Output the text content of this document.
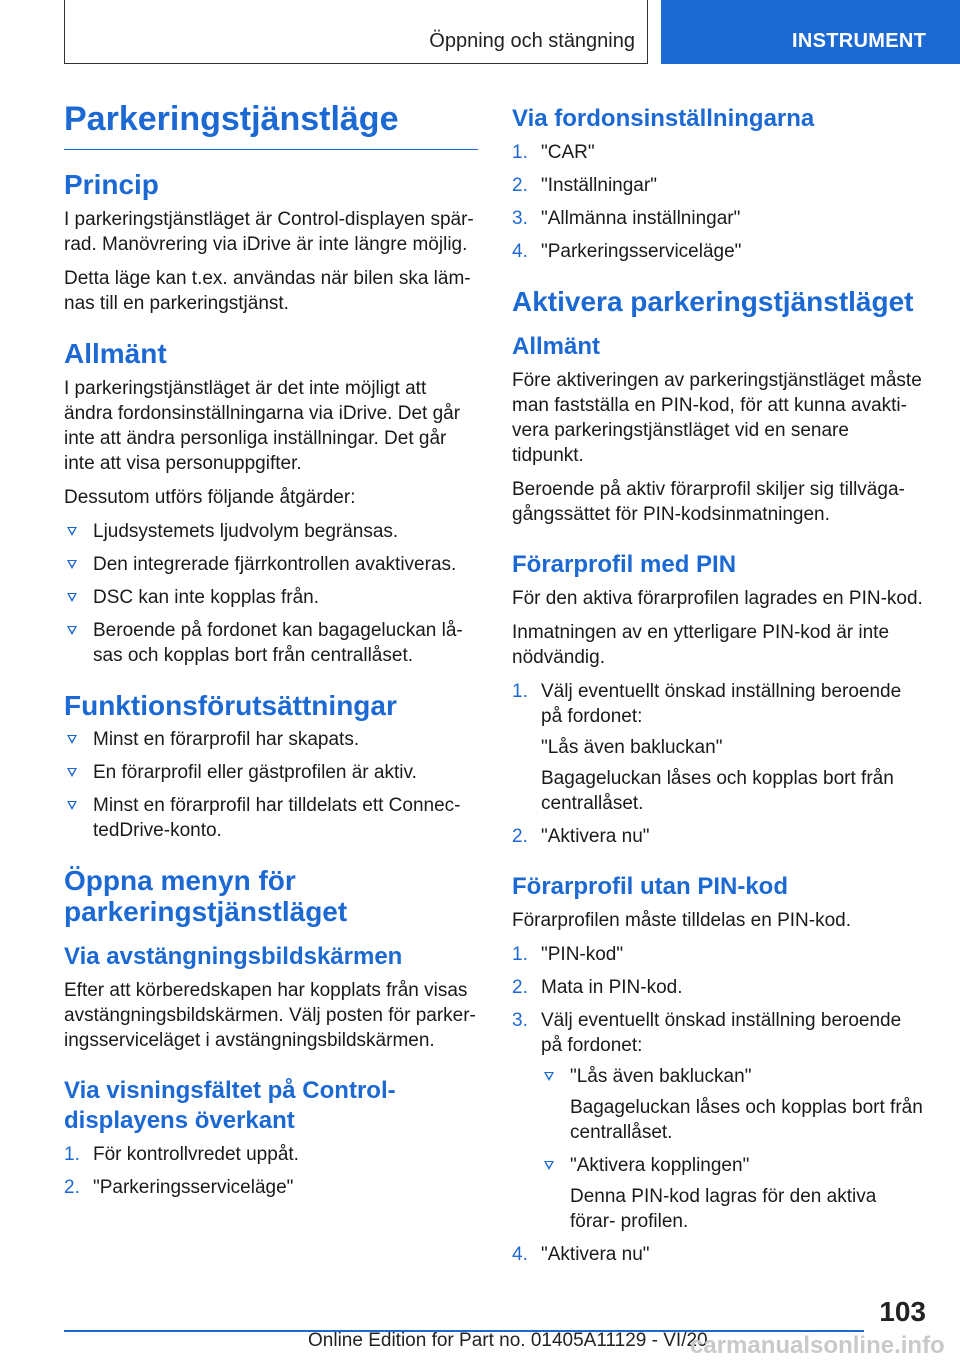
Öppning och stängning	INSTRUMENT
Parkeringstjänstläge
Princip
I parkeringstjänstläget är Control-displayen spär- rad. Manövrering via iDrive är inte längre möjlig.
Detta läge kan t.ex. användas när bilen ska läm- nas till en parkeringstjänst.
Allmänt
I parkeringstjänstläget är det inte möjligt att ändra fordonsinställningarna via iDrive. Det går inte att ändra personliga inställningar. Det går inte att visa personuppgifter.
Dessutom utförs följande åtgärder:
Ljudsystemets ljudvolym begränsas.
Den integrerade fjärrkontrollen avaktiveras.
DSC kan inte kopplas från.
Beroende på fordonet kan bagageluckan lå- sas och kopplas bort från centrallåset.
Funktionsförutsättningar
Minst en förarprofil har skapats.
En förarprofil eller gästprofilen är aktiv.
Minst en förarprofil har tilldelats ett Connec- tedDrive-konto.
Öppna menyn för parkeringstjänstläget
Via avstängningsbildskärmen
Efter att körberedskapen har kopplats från visas avstängningsbildskärmen. Välj posten för parker- ingsserviceläget i avstängningsbildskärmen.
Via visningsfältet på Control- displayens överkant
1. För kontrollvredet uppåt.
2. "Parkeringsserviceläge"
Via fordonsinställningarna
1. "CAR"
2. "Inställningar"
3. "Allmänna inställningar"
4. "Parkeringsserviceläge"
Aktivera parkeringstjänstläget
Allmänt
Före aktiveringen av parkeringstjänstläget måste man fastställa en PIN-kod, för att kunna avakti- vera parkeringstjänstläget vid en senare tidpunkt.
Beroende på aktiv förarprofil skiljer sig tillväga- gångssättet för PIN-kodsinmatningen.
Förarprofil med PIN
För den aktiva förarprofilen lagrades en PIN-kod.
Inmatningen av en ytterligare PIN-kod är inte nödvändig.
1. Välj eventuellt önskad inställning beroende på fordonet:
"Lås även bakluckan"
Bagageluckan låses och kopplas bort från centrallåset.
2. "Aktivera nu"
Förarprofil utan PIN-kod
Förarprofilen måste tilldelas en PIN-kod.
1. "PIN-kod"
2. Mata in PIN-kod.
3. Välj eventuellt önskad inställning beroende på fordonet:
"Lås även bakluckan"
Bagageluckan låses och kopplas bort från centrallåset.
"Aktivera kopplingen"
Denna PIN-kod lagras för den aktiva förar- profilen.
4. "Aktivera nu"
103
Online Edition for Part no. 01405A11129 - VI/20
carmanualsonline.info
